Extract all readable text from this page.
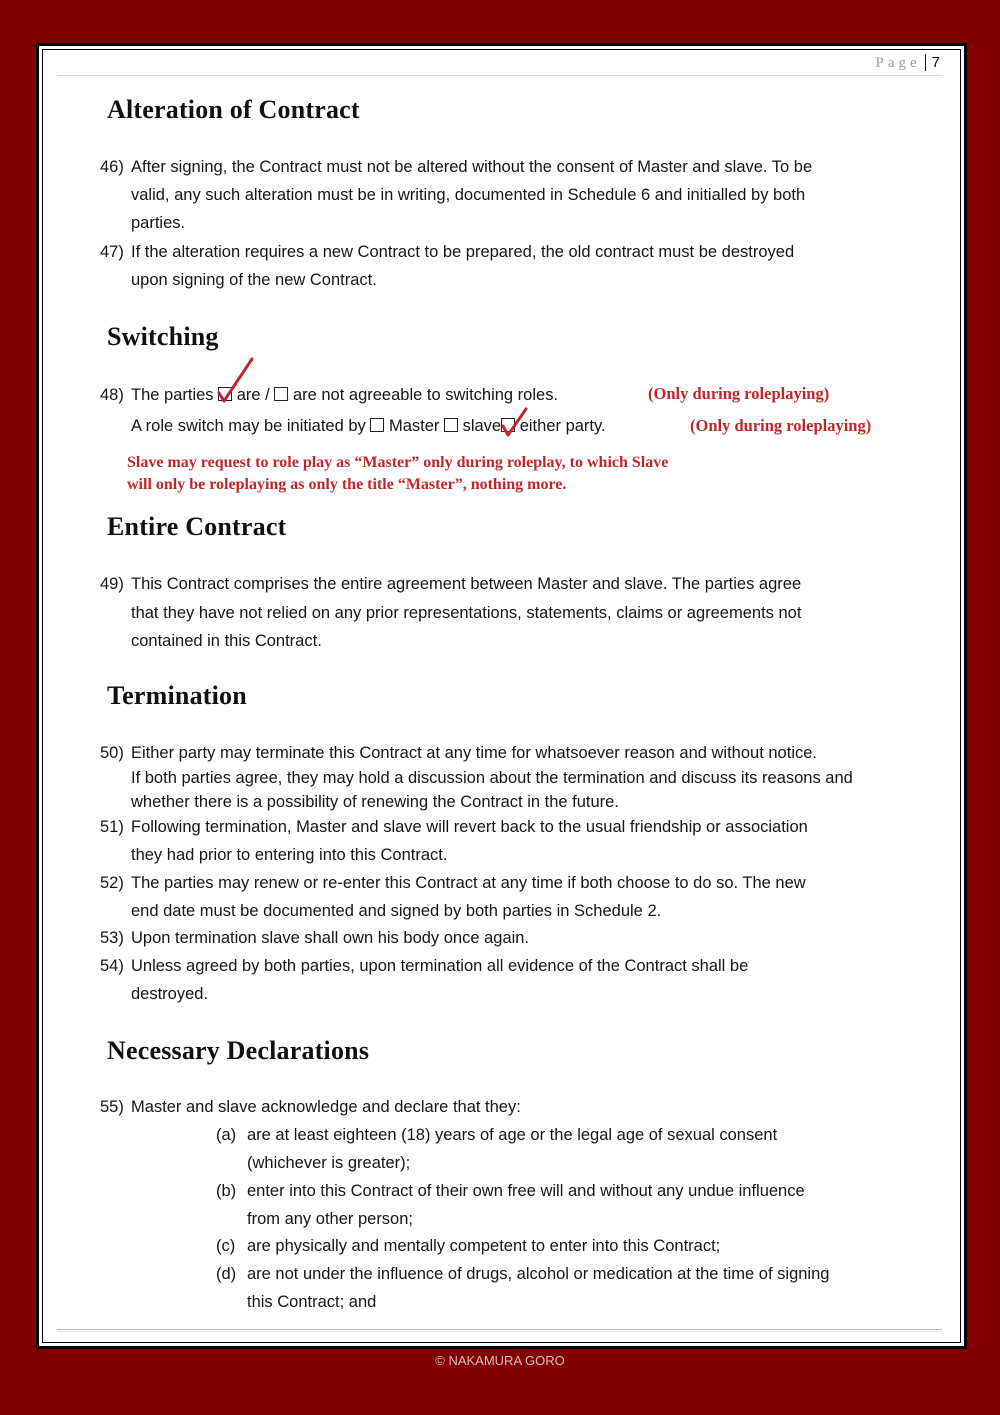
Page 7
Alteration of Contract
46) After signing, the Contract must not be altered without the consent of Master and slave. To be
valid, any such alteration must be in writing, documented in Schedule 6 and initialled by both
parties.
47) If the alteration requires a new Contract to be prepared, the old contract must be destroyed
upon signing of the new Contract.
Switching
48) The parties are / are not agreeable to switching roles.	(Only during roleplaying)
A role switch may be initiated by Master slave either party.	(Only during roleplaying)
Slave may request to role play as “Master” only during roleplay, to which Slave
will only be roleplaying as only the title “Master”, nothing more.
Entire Contract
49) This Contract comprises the entire agreement between Master and slave. The parties agree
that they have not relied on any prior representations, statements, claims or agreements not
contained in this Contract.
Termination
50) Either party may terminate this Contract at any time for whatsoever reason and without notice.
If both parties agree, they may hold a discussion about the termination and discuss its reasons and
whether there is a possibility of renewing the Contract in the future.
51) Following termination, Master and slave will revert back to the usual friendship or association
they had prior to entering into this Contract.
52) The parties may renew or re-enter this Contract at any time if both choose to do so. The new
end date must be documented and signed by both parties in Schedule 2.
53) Upon termination slave shall own his body once again.
54) Unless agreed by both parties, upon termination all evidence of the Contract shall be
destroyed.
Necessary Declarations
55) Master and slave acknowledge and declare that they:
(a) are at least eighteen (18) years of age or the legal age of sexual consent
(whichever is greater);
(b) enter into this Contract of their own free will and without any undue influence
from any other person;
(c) are physically and mentally competent to enter into this Contract;
(d) are not under the influence of drugs, alcohol or medication at the time of signing
this Contract; and
© NAKAMURA GORO
